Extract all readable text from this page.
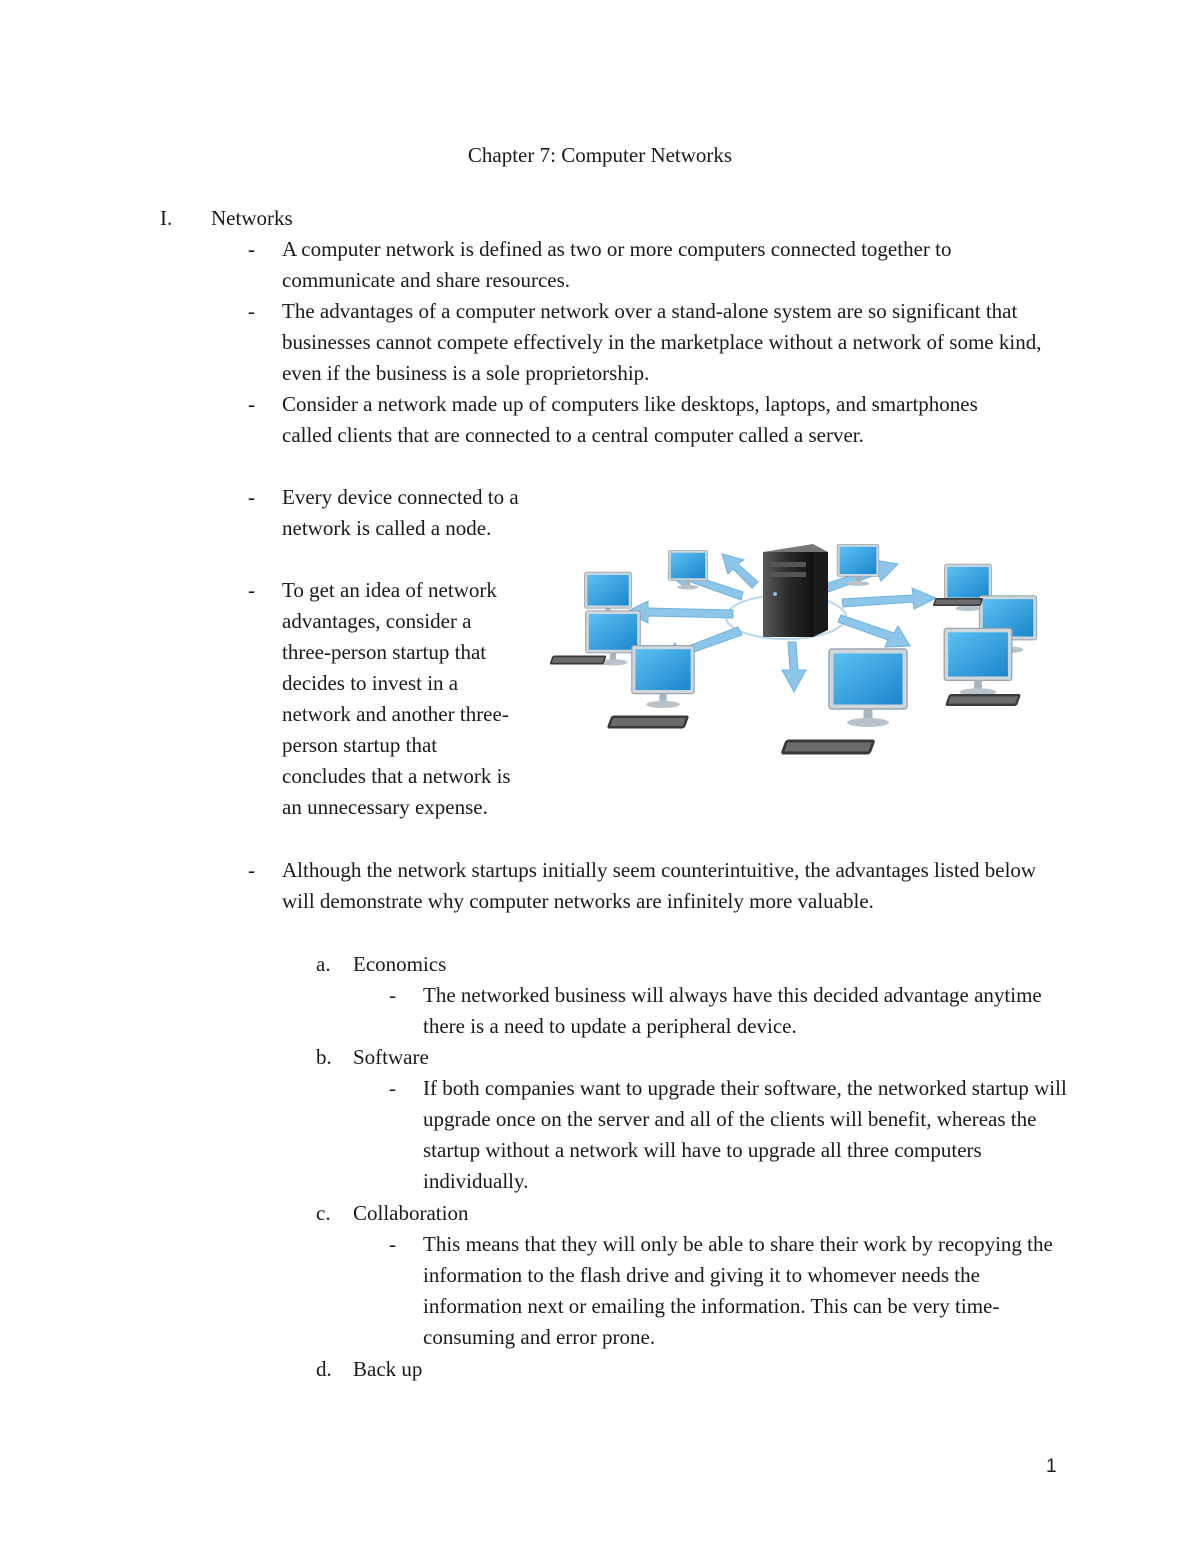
Chapter 7: Computer Networks
I. Networks
- A computer network is defined as two or more computers connected together to communicate and share resources.
- The advantages of a computer network over a stand-alone system are so significant that businesses cannot compete effectively in the marketplace without a network of some kind, even if the business is a sole proprietorship.
- Consider a network made up of computers like desktops, laptops, and smartphones called clients that are connected to a central computer called a server.
- Every device connected to a network is called a node.
- To get an idea of network advantages, consider a three-person startup that decides to invest in a network and another three-person startup that concludes that a network is an unnecessary expense.
- Although the network startups initially seem counterintuitive, the advantages listed below will demonstrate why computer networks are infinitely more valuable.
a. Economics
- The networked business will always have this decided advantage anytime there is a need to update a peripheral device.
b. Software
- If both companies want to upgrade their software, the networked startup will upgrade once on the server and all of the clients will benefit, whereas the startup without a network will have to upgrade all three computers individually.
c. Collaboration
- This means that they will only be able to share their work by recopying the information to the flash drive and giving it to whomever needs the information next or emailing the information. This can be very time-consuming and error prone.
d. Back up
1
